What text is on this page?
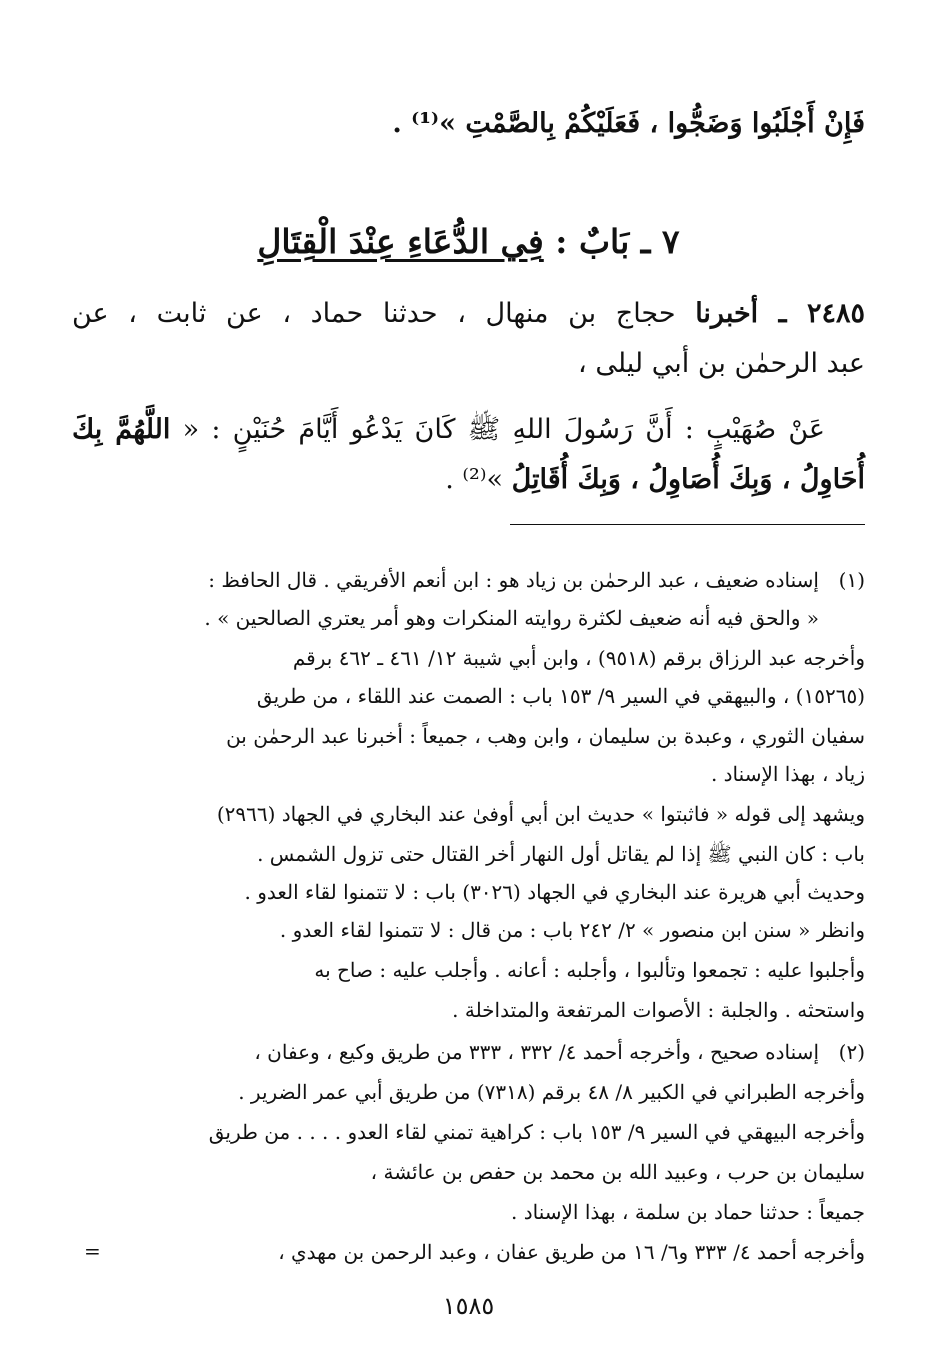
فَإِنْ أَجْلَبُوا وَضَجُّوا ، فَعَلَيْكُمْ بِالصَّمْتِ »⁽¹⁾ .
٧ ـ بَابٌ : فِي الدُّعَاءِ عِنْدَ الْقِتَالِ
٢٤٨٥ ـ أخبرنا حجاج بن منهال ، حدثنا حماد ، عن ثابت ، عن
عبد الرحمٰن بن أبي ليلى ،
عَنْ صُهَيْبٍ : أَنَّ رَسُولَ اللهِ ﷺ كَانَ يَدْعُو أَيَّامَ حُنَيْنٍ : « اللَّهُمَّ بِكَ
أُحَاوِلُ ، وَبِكَ أُصَاوِلُ ، وَبِكَ أُقَاتِلُ »⁽²⁾ .
(١)
(٢)
إسناده ضعيف ، عبد الرحمٰن بن زياد هو : ابن أنعم الأفريقي . قال الحافظ :
« والحق فيه أنه ضعيف لكثرة روايته المنكرات وهو أمر يعتري الصالحين » .
وأخرجه عبد الرزاق برقم (٩٥١٨) ، وابن أبي شيبة ١٢/ ٤٦١ ـ ٤٦٢ برقم
(١٥٢٦٥) ، والبيهقي في السير ٩/ ١٥٣ باب : الصمت عند اللقاء ، من طريق
سفيان الثوري ، وعبدة بن سليمان ، وابن وهب ، جميعاً : أخبرنا عبد الرحمٰن بن
زياد ، بهذا الإسناد .
ويشهد إلى قوله « فاثبتوا » حديث ابن أبي أوفىٰ عند البخاري في الجهاد (٢٩٦٦)
باب : كان النبي ﷺ إذا لم يقاتل أول النهار أخر القتال حتى تزول الشمس .
وحديث أبي هريرة عند البخاري في الجهاد (٣٠٢٦) باب : لا تتمنوا لقاء العدو .
وانظر « سنن ابن منصور » ٢/ ٢٤٢ باب : من قال : لا تتمنوا لقاء العدو .
وأجلبوا عليه : تجمعوا وتألبوا ، وأجلبه : أعانه . وأجلب عليه : صاح به
واستحثه . والجلبة : الأصوات المرتفعة والمتداخلة .
إسناده صحيح ، وأخرجه أحمد ٤/ ٣٣٢ ، ٣٣٣ من طريق وكيع ، وعفان ،
وأخرجه الطبراني في الكبير ٨/ ٤٨ برقم (٧٣١٨) من طريق أبي عمر الضرير .
وأخرجه البيهقي في السير ٩/ ١٥٣ باب : كراهية تمني لقاء العدو . . . . من طريق
سليمان بن حرب ، وعبيد الله بن محمد بن حفص بن عائشة ،
جميعاً : حدثنا حماد بن سلمة ، بهذا الإسناد .
وأخرجه أحمد ٤/ ٣٣٣ و٦/ ١٦ من طريق عفان ، وعبد الرحمن بن مهدي ،
=
١٥٨٥
